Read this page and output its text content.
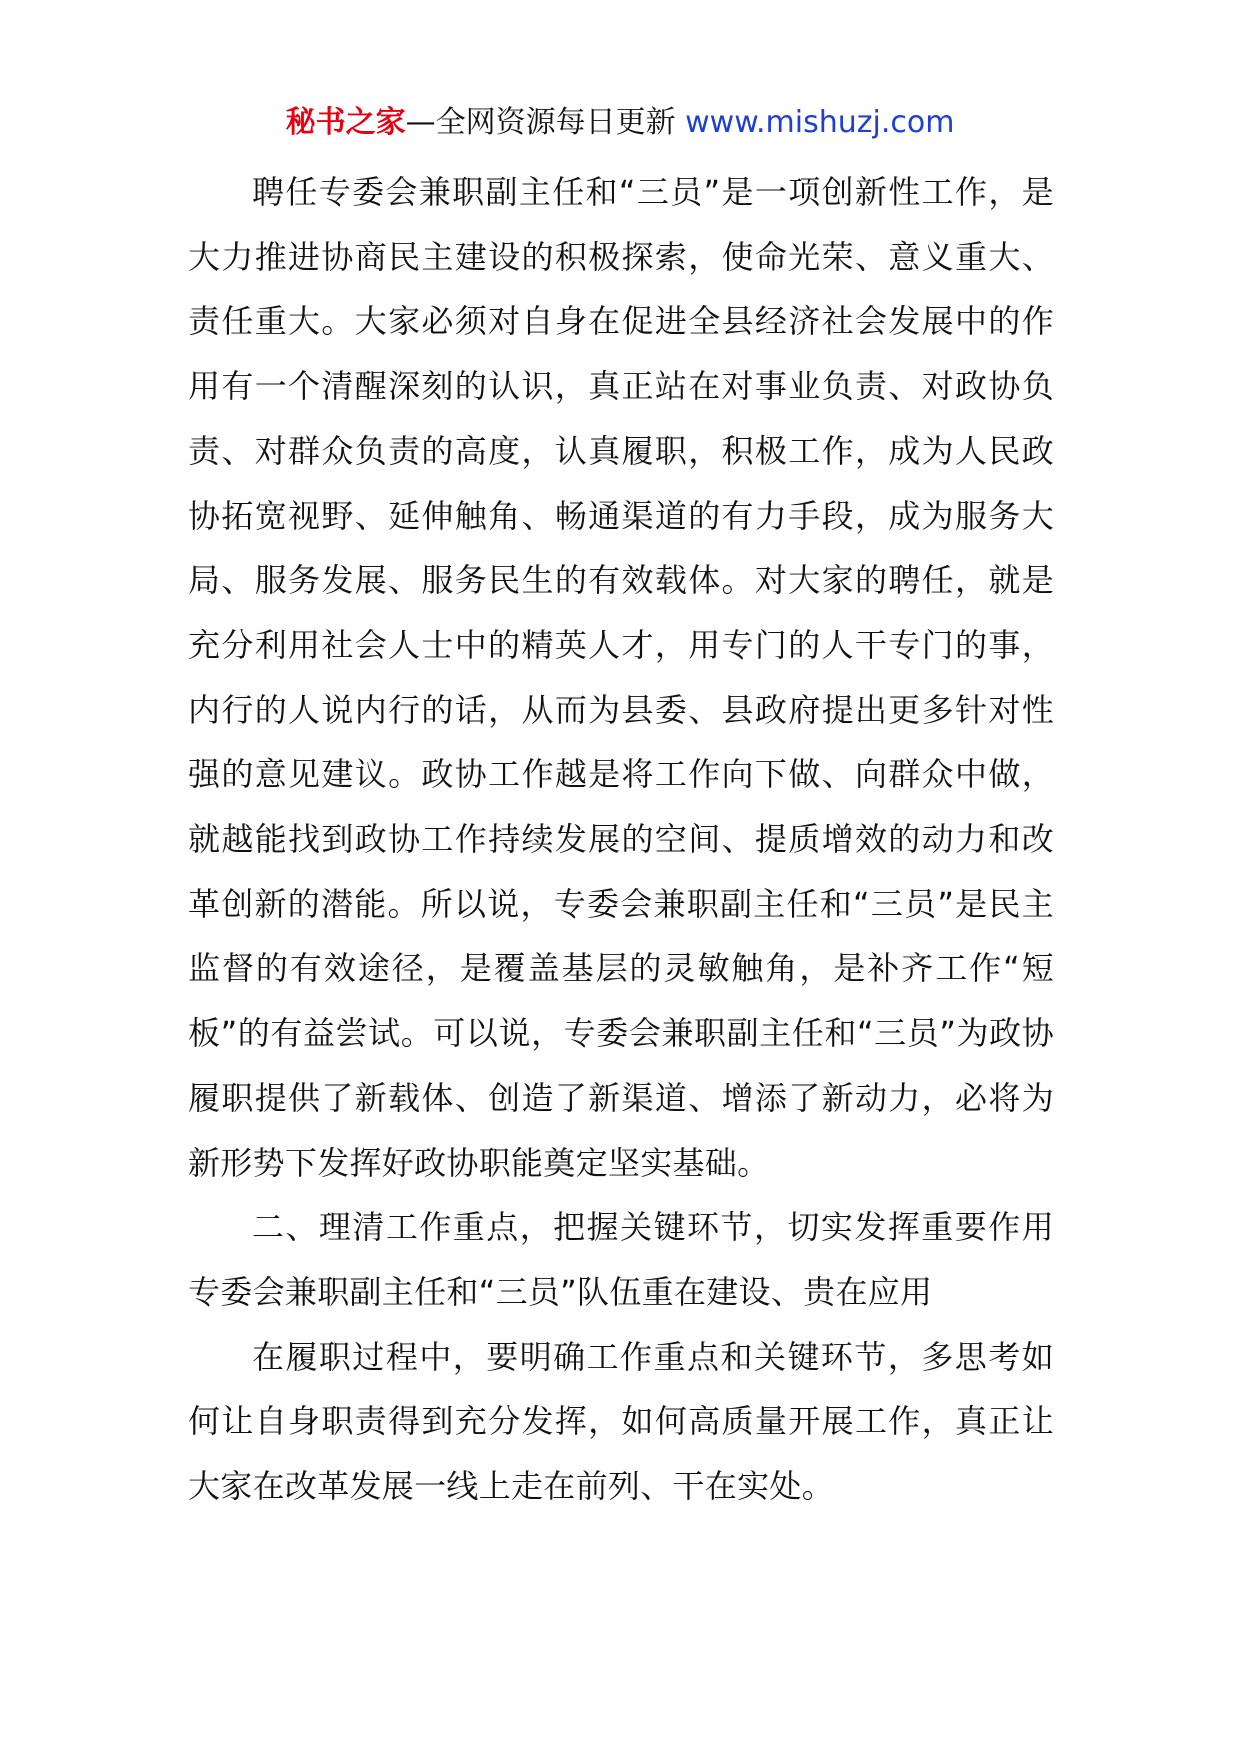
秘书之家—全网资源每日更新 www.mishuzj.com

聘任专委会兼职副主任和“三员”是一项创新性工作，是大力推进协商民主建设的积极探索，使命光荣、意义重大、责任重大。大家必须对自身在促进全县经济社会发展中的作用有一个清醒深刻的认识，真正站在对事业负责、对政协负责、对群众负责的高度，认真履职，积极工作，成为人民政协拓宽视野、延伸触角、畅通渠道的有力手段，成为服务大局、服务发展、服务民生的有效载体。对大家的聘任，就是充分利用社会人士中的精英人才，用专门的人干专门的事，内行的人说内行的话，从而为县委、县政府提出更多针对性强的意见建议。政协工作越是将工作向下做、向群众中做，就越能找到政协工作持续发展的空间、提质增效的动力和改革创新的潜能。所以说，专委会兼职副主任和“三员”是民主监督的有效途径，是覆盖基层的灵敏触角，是补齐工作“短板”的有益尝试。可以说，专委会兼职副主任和“三员”为政协履职提供了新载体、创造了新渠道、增添了新动力，必将为新形势下发挥好政协职能奠定坚实基础。

二、理清工作重点，把握关键环节，切实发挥重要作用专委会兼职副主任和“三员”队伍重在建设、贵在应用

在履职过程中，要明确工作重点和关键环节，多思考如何让自身职责得到充分发挥，如何高质量开展工作，真正让大家在改革发展一线上走在前列、干在实处。
